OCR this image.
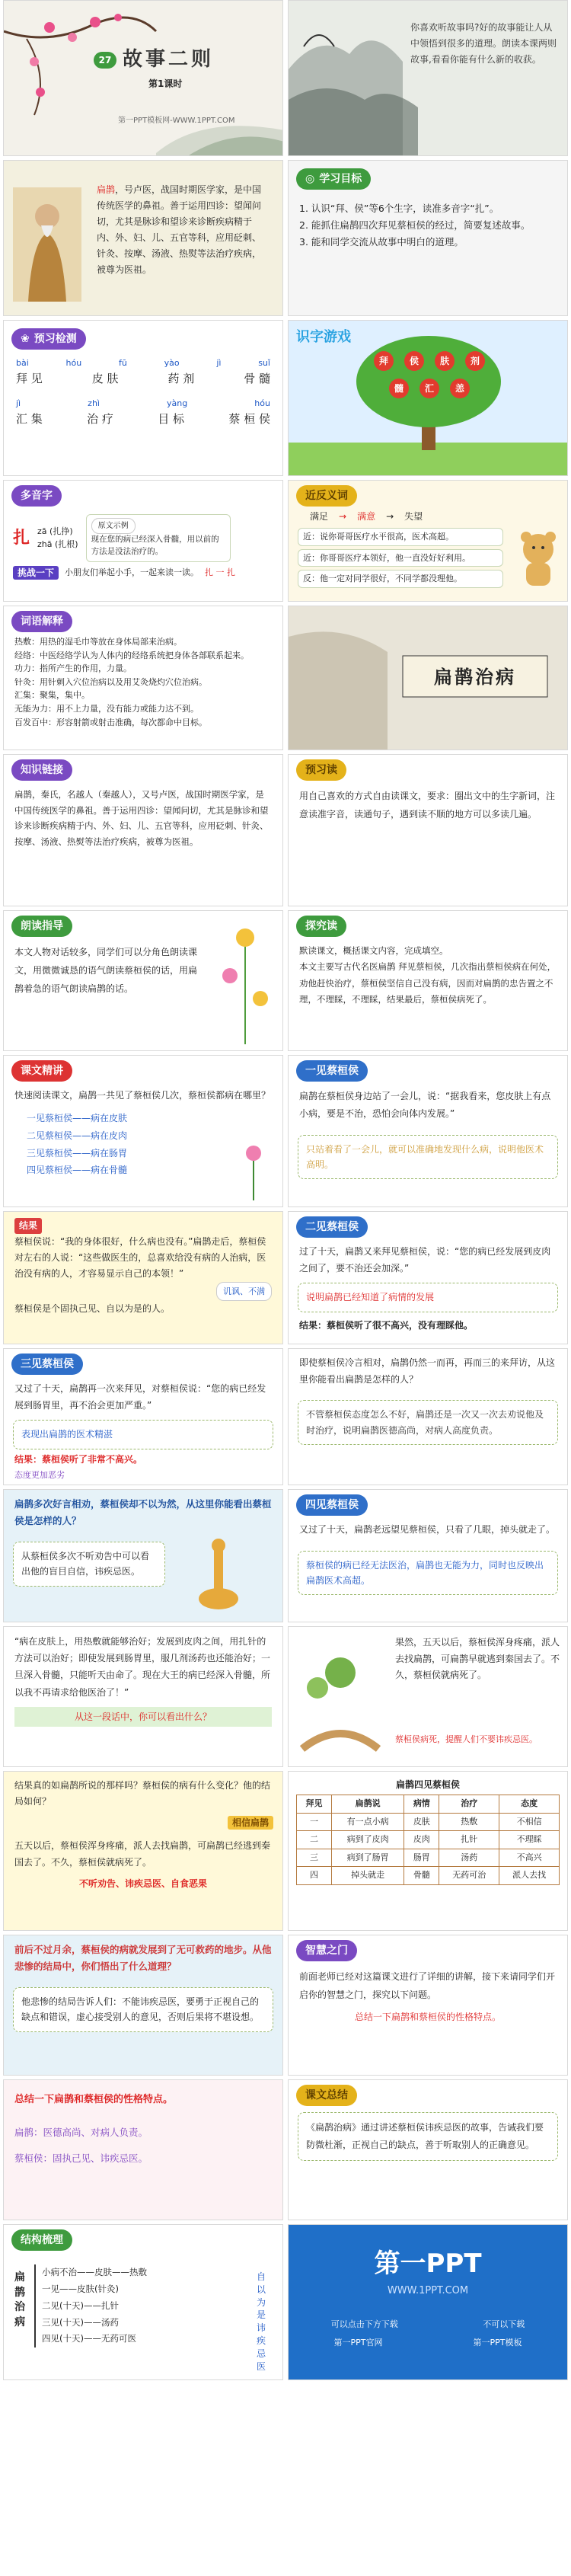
27 故事二则
第1课时
第一PPT模板网-WWW.1PPT.COM
你喜欢听故事吗?好的故事能让人从中领悟到很多的道理。朗读本课两则故事,看看你能有什么新的收获。
扁鹊，号卢医，战国时期医学家，是中国传统医学的鼻祖。善于运用四诊：望闻问切，尤其是脉诊和望诊来诊断疾病精于内、外、妇、儿、五官等科，应用砭刺、针灸、按摩、汤液、热熨等法治疗疾病，被尊为医祖。
◎ 学习目标
1. 认识“拜、侯”等6个生字，读准多音字“扎”。
2. 能抓住扁鹊四次拜见蔡桓侯的经过，简要复述故事。
3. 能和同学交流从故事中明白的道理。
❀ 预习检测
bài	hóu	fū	yào	jì	suǐ
拜 见	皮 肤	药 剂	骨 髓
jì	zhì	yàng	hóu
汇 集	治 疗	目 标	蔡 桓 侯
识字游戏
拜	侯	肤	剂
髓	汇	恙
多音字
扎 zā (扎挣)
zhā (扎根)
原文示例
现在您的病已经深入骨髓，用以前的方法是没法治疗的。
挑战一下	小朋友们举起小手，一起来读一读。 扎 一 扎
近反义词
满足 → 满意 → 失望
近：说你哥哥医疗水平很高，医术高超。
近：你哥哥医疗本领好，他一直没好好利用。
反：他一定对同学很好，不同学都没理他。
词语解释
热敷：用热的湿毛巾等放在身体局部来治病。
经络：中医经络学认为人体内的经络系统把身体各部联系起来。
功力：指所产生的作用，力量。
针灸：用针刺入穴位治病以及用艾灸烧灼穴位治病。
汇集：聚集，集中。
无能为力：用不上力量，没有能力或能力达不到。
百发百中：形容射箭或射击准确，每次都命中目标。
扁鹊治病
知识链接
扁鹊，秦氏，名越人（秦越人），又号卢医，战国时期医学家，是中国传统医学的鼻祖。善于运用四诊：望闻问切，尤其是脉诊和望诊来诊断疾病精于内、外、妇、儿、五官等科，应用砭刺、针灸、按摩、汤液、热熨等法治疗疾病，被尊为医祖。
预习读
用自己喜欢的方式自由读课文，要求：圈出文中的生字新词，注意读准字音，读通句子，遇到读不顺的地方可以多读几遍。
朗读指导
本文人物对话较多，同学们可以分角色朗读课文，用微微诚恳的语气朗读蔡桓侯的话，用扁鹊着急的语气朗读扁鹊的话。
探究读
默读课文，概括课文内容，完成填空。
本文主要写古代名医扁鹊 拜见蔡桓侯，几次指出蔡桓侯病在何处，劝他赶快治疗，蔡桓侯坚信自己没有病，因而对扁鹊的忠告置之不理，不理睬，不理睬，结果最后，蔡桓侯病死了。
课文精讲
快速阅读课文，扁鹊一共见了蔡桓侯几次，蔡桓侯都病在哪里？
一见蔡桓侯——病在皮肤
二见蔡桓侯——病在皮肉
三见蔡桓侯——病在肠胃
四见蔡桓侯——病在骨髓
一见蔡桓侯
扁鹊在蔡桓侯身边站了一会儿，说：“据我看来，您皮肤上有点小病，要是不治，恐怕会向体内发展。”
只站着看了一会儿，就可以准确地发现什么病，说明他医术高明。
结果
蔡桓侯说：“我的身体很好，什么病也没有。”扁鹊走后，蔡桓侯对左右的人说：“这些做医生的，总喜欢给没有病的人治病，医治没有病的人，才容易显示自己的本领！”
讥讽、不满
蔡桓侯是个固执己见、自以为是的人。
二见蔡桓侯
过了十天，扁鹊又来拜见蔡桓侯，说：“您的病已经发展到皮肉之间了，要不治还会加深。”
说明扁鹊已经知道了病情的发展
结果：蔡桓侯听了很不高兴，没有理睬他。
三见蔡桓侯
又过了十天，扁鹊再一次来拜见，对蔡桓侯说：“您的病已经发展到肠胃里，再不治会更加严重。”
表现出扁鹊的医术精湛
结果：蔡桓侯听了非常不高兴。
态度更加恶劣
即使蔡桓侯冷言相对，扁鹊仍然一而再，再而三的来拜访，从这里你能看出扁鹊是怎样的人？
不管蔡桓侯态度怎么不好，扁鹊还是一次又一次去劝说他及时治疗，说明扁鹊医德高尚，对病人高度负责。
扁鹊多次好言相劝，蔡桓侯却不以为然，从这里你能看出蔡桓侯是怎样的人？
从蔡桓侯多次不听劝告中可以看出他的盲目自信，讳疾忌医。
四见蔡桓侯
又过了十天，扁鹊老远望见蔡桓侯，只看了几眼，掉头就走了。
蔡桓侯的病已经无法医治，扁鹊也无能为力，同时也反映出扁鹊医术高超。
“病在皮肤上，用热敷就能够治好；发展到皮肉之间，用扎针的方法可以治好；即使发展到肠胃里，服几剂汤药也还能治好；一旦深入骨髓，只能听天由命了。现在大王的病已经深入骨髓，所以我不再请求给他医治了！”
从这一段话中，你可以看出什么？
果然，五天以后，蔡桓侯浑身疼痛，派人去找扁鹊，可扁鹊早就逃到秦国去了。不久，蔡桓侯就病死了。
蔡桓侯病死，提醒人们不要讳疾忌医。
结果真的如扁鹊所说的那样吗？蔡桓侯的病有什么变化？他的结局如何？
相信扁鹊
五天以后，蔡桓侯浑身疼痛，派人去找扁鹊，可扁鹊已经逃到秦国去了。不久，蔡桓侯就病死了。
不听劝告、讳疾忌医、自食恶果
扁鹊四见蔡桓侯
拜见	扁鹊说	病情	治疗	态度
一	有一点小病	皮肤	热敷	不相信
二	病到了皮肉	皮肉	扎针	不理睬
三	病到了肠胃	肠胃	汤药	不高兴
四	掉头就走	骨髓	无药可治	派人去找
前后不过月余，蔡桓侯的病就发展到了无可救药的地步。从他悲惨的结局中，你们悟出了什么道理？
他悲惨的结局告诉人们：不能讳疾忌医，要勇于正视自己的缺点和错误，虚心接受别人的意见，否则后果将不堪设想。
智慧之门
前面老师已经对这篇课文进行了详细的讲解，接下来请同学们开启你的智慧之门，探究以下问题。
总结一下扁鹊和蔡桓侯的性格特点。
总结一下扁鹊和蔡桓侯的性格特点。
扁鹊：医德高尚、对病人负责。
蔡桓侯：固执己见、讳疾忌医。
课文总结
《扁鹊治病》通过讲述蔡桓侯讳疾忌医的故事，告诫我们要防微杜渐，正视自己的缺点，善于听取别人的正确意见。
结构梳理
扁鹊治病
小病不治——皮肤——热敷
一见——皮肤(针灸)
二见(十天)——扎针
三见(十天)——汤药
四见(十天)——无药可医
自以为是 讳疾忌医
第一PPT
WWW.1PPT.COM
可以点击下方下载	不可以下载
第一PPT官网	第一PPT模板
